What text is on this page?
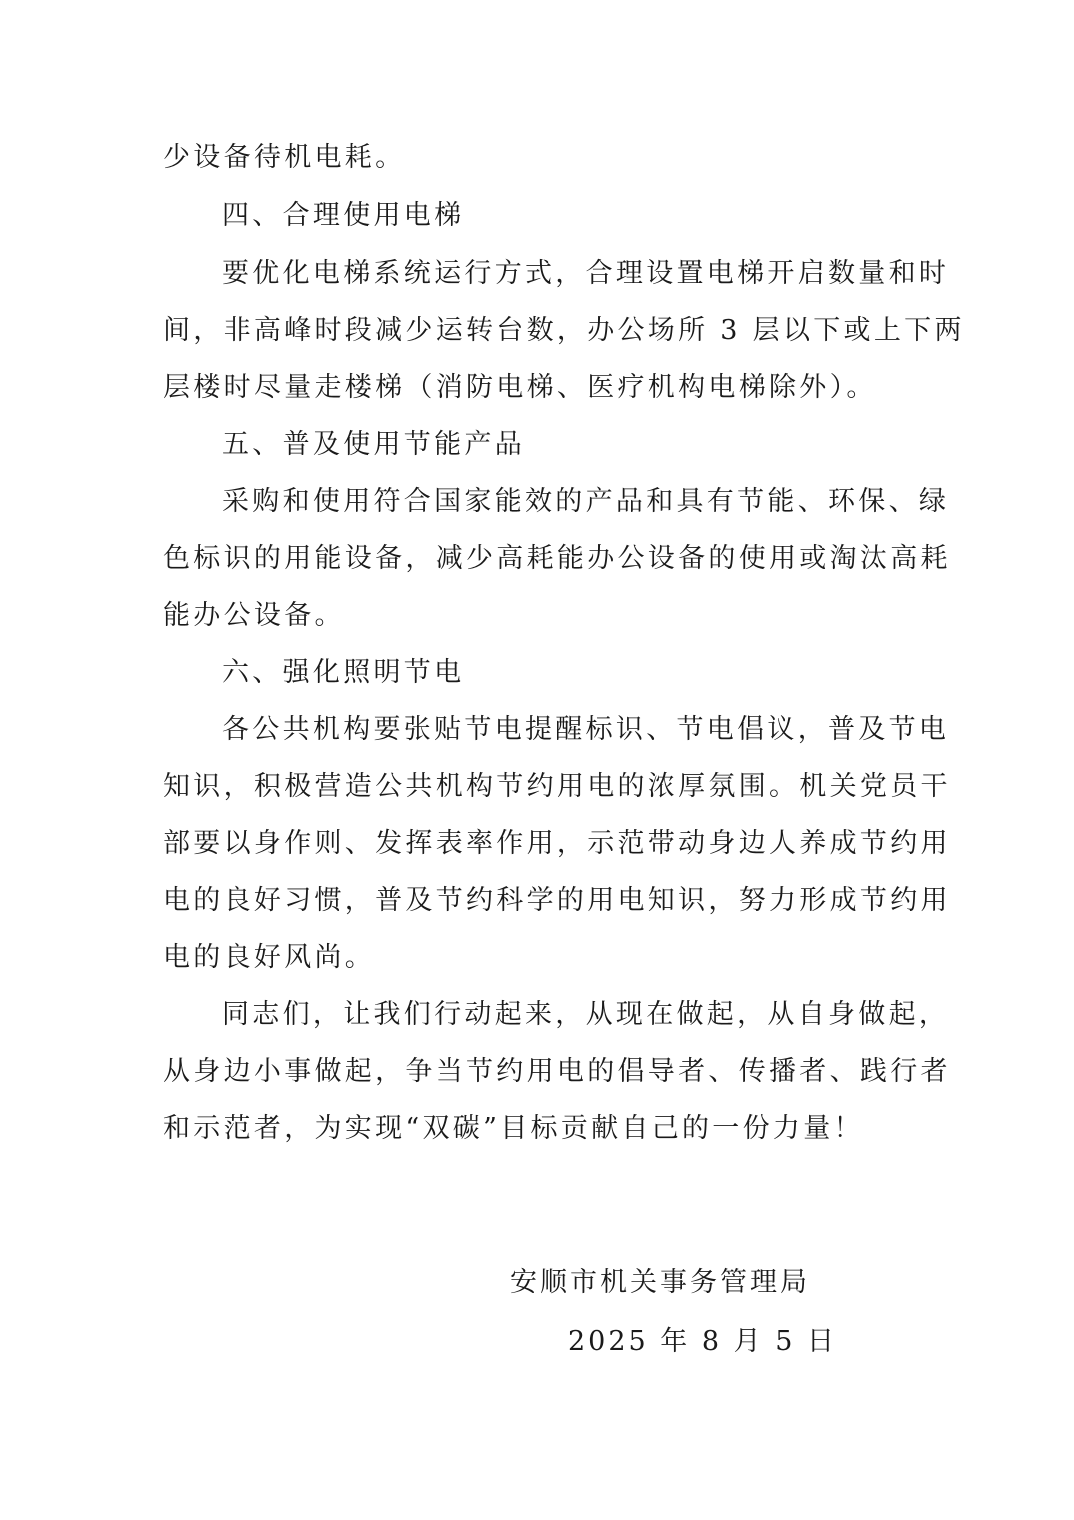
少设备待机电耗。
四、合理使用电梯
要优化电梯系统运行方式，合理设置电梯开启数量和时
间，非高峰时段减少运转台数，办公场所 3 层以下或上下两
层楼时尽量走楼梯（消防电梯、医疗机构电梯除外）。
五、普及使用节能产品
采购和使用符合国家能效的产品和具有节能、环保、绿
色标识的用能设备，减少高耗能办公设备的使用或淘汰高耗
能办公设备。
六、强化照明节电
各公共机构要张贴节电提醒标识、节电倡议，普及节电
知识，积极营造公共机构节约用电的浓厚氛围。机关党员干
部要以身作则、发挥表率作用，示范带动身边人养成节约用
电的良好习惯，普及节约科学的用电知识，努力形成节约用
电的良好风尚。
同志们，让我们行动起来，从现在做起，从自身做起，
从身边小事做起，争当节约用电的倡导者、传播者、践行者
和示范者，为实现“双碳”目标贡献自己的一份力量！
安顺市机关事务管理局
2025 年 8 月 5 日
